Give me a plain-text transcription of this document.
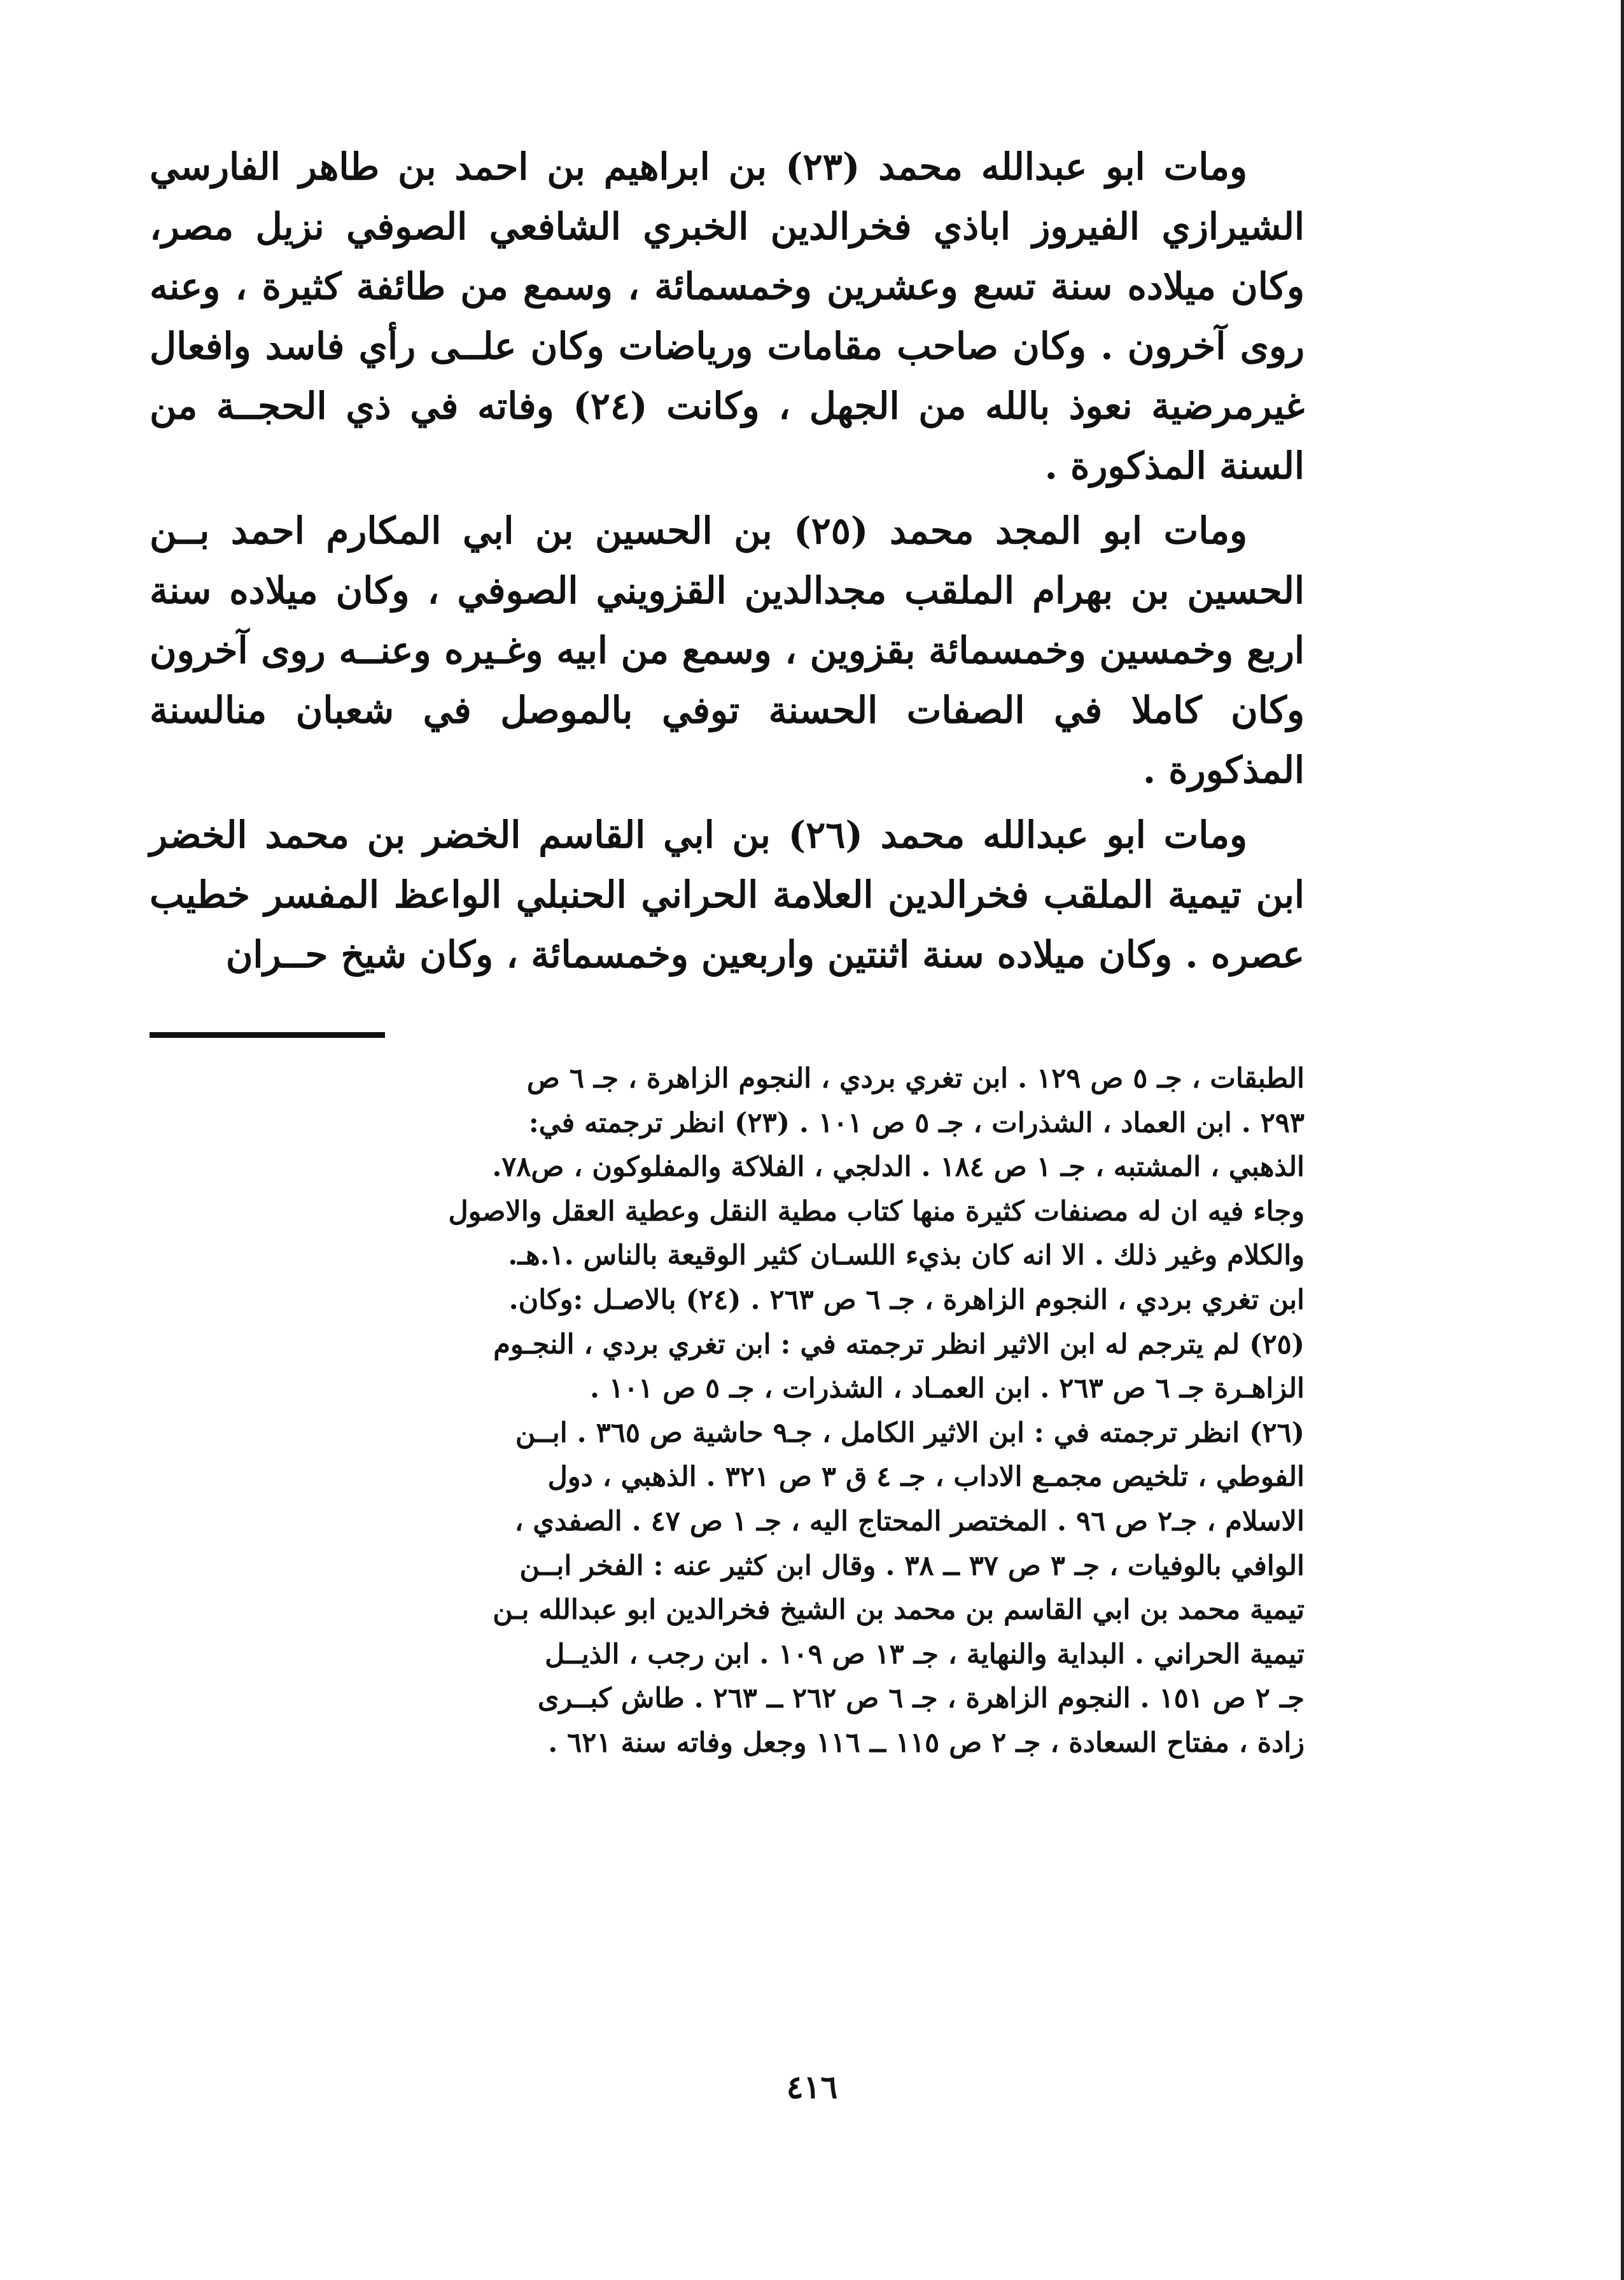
ومات ابو عبدالله محمد (٢٣) بن ابراهيم بن احمد بن طاهر الفارسي الشيرازي الفيروز اباذي فخرالدين الخبري الشافعي الصوفي نزيل مصر، وكان ميلاده سنة تسع وعشرين وخمسمائة ، وسمع من طائفة كثيرة ، وعنه روى آخرون . وكان صاحب مقامات ورياضات وكان علــى رأي فاسد وافعال غيرمرضية نعوذ بالله من الجهل ، وكانت (٢٤) وفاته في ذي الحجــة من السنة المذكورة .

ومات ابو المجد محمد (٢٥) بن الحسين بن ابي المكارم احمد بــن الحسين بن بهرام الملقب مجدالدين القزويني الصوفي ، وكان ميلاده سنة اربع وخمسين وخمسمائة بقزوين ، وسمع من ابيه وغـيره وعنــه روى آخرون وكان كاملا في الصفات الحسنة توفي بالموصل في شعبان منالسنة المذكورة .

ومات ابو عبدالله محمد (٢٦) بن ابي القاسم الخضر بن محمد الخضر ابن تيمية الملقب فخرالدين العلامة الحراني الحنبلي الواعظ المفسر خطيب عصره . وكان ميلاده سنة اثنتين واربعين وخمسمائة ، وكان شيخ حــران

الطبقات ، جـ ٥ ص ١٢٩ . ابن تغري بردي ، النجوم الزاهرة ، جـ ٦ ص
٢٩٣ . ابن العماد ، الشذرات ، جـ ٥ ص ١٠١ . (٢٣) انظر ترجمته في:
الذهبي ، المشتبه ، جـ ١ ص ١٨٤ . الدلجي ، الفلاكة والمفلوكون ، ص٧٨.
وجاء فيه ان له مصنفات كثيرة منها كتاب مطية النقل وعطية العقل والاصول
والكلام وغير ذلك . الا انه كان بذيء اللسـان كثير الوقيعة بالناس .١.هـ.
ابن تغري بردي ، النجوم الزاهرة ، جـ ٦ ص ٢٦٣ . (٢٤) بالاصـل :وكان.
(٢٥) لم يترجم له ابن الاثير انظر ترجمته في : ابن تغري بردي ، النجـوم
الزاهـرة جـ ٦ ص ٢٦٣ . ابن العمـاد ، الشذرات ، جـ ٥ ص ١٠١ .
(٢٦) انظر ترجمته في : ابن الاثير الكامل ، جـ٩ حاشية ص ٣٦٥ . ابــن
الفوطي ، تلخيص مجمـع الاداب ، جـ ٤ ق ٣ ص ٣٢١ . الذهبي ، دول
الاسلام ، جـ٢ ص ٩٦ . المختصر المحتاج اليه ، جـ ١ ص ٤٧ . الصفدي ،
الوافي بالوفيات ، جـ ٣ ص ٣٧ ــ ٣٨ . وقال ابن كثير عنه : الفخر ابــن
تيمية محمد بن ابي القاسم بن محمد بن الشيخ فخرالدين ابو عبدالله بـن
تيمية الحراني . البداية والنهاية ، جـ ١٣ ص ١٠٩ . ابن رجب ، الذيــل
جـ ٢ ص ١٥١ . النجوم الزاهرة ، جـ ٦ ص ٢٦٢ ــ ٢٦٣ . طاش كبــرى
زادة ، مفتاح السعادة ، جـ ٢ ص ١١٥ ــ ١١٦ وجعل وفاته سنة ٦٢١ .
٤١٦
